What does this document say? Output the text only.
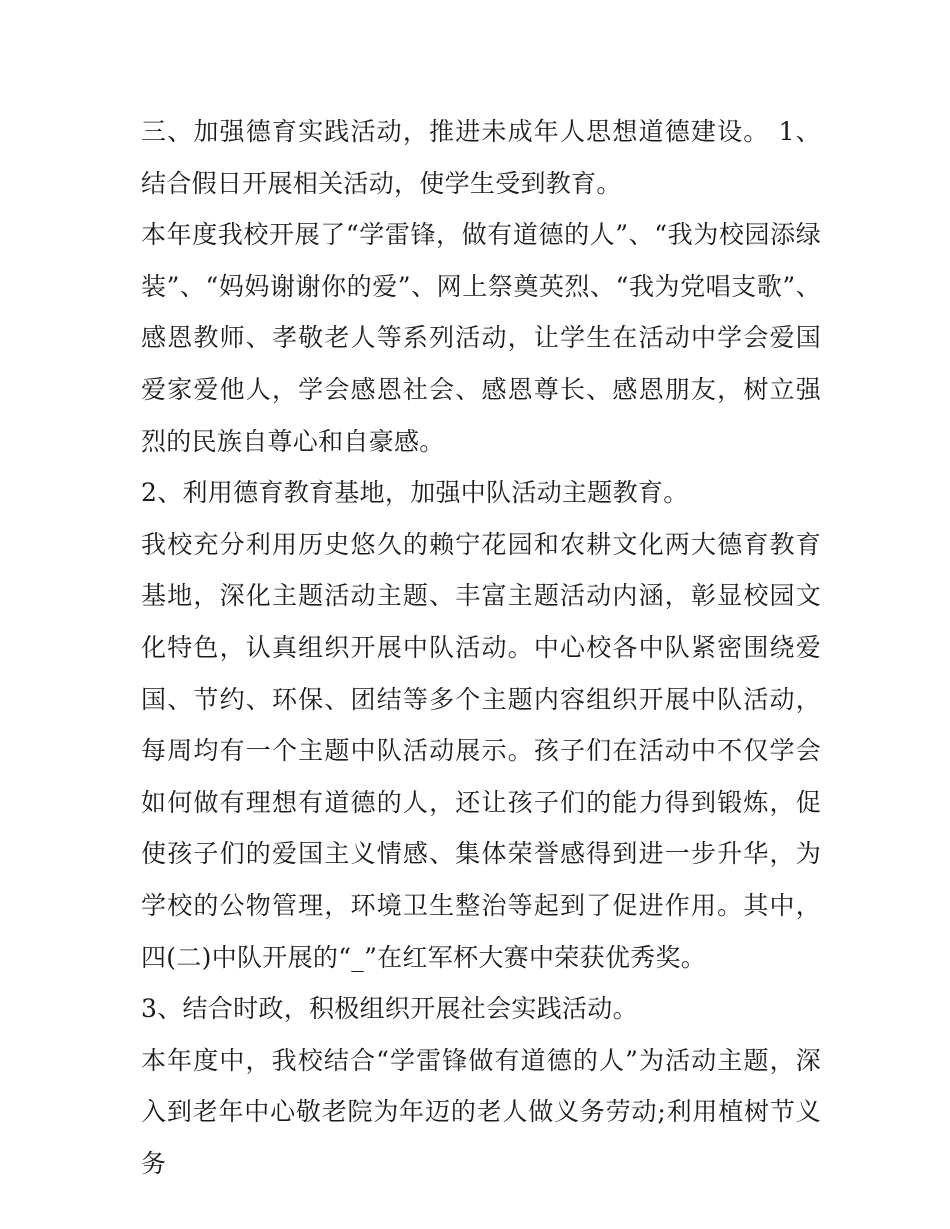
三、加强德育实践活动，推进未成年人思想道德建设。 1、结合假日开展相关活动，使学生受到教育。

本年度我校开展了“学雷锋，做有道德的人”、“我为校园添绿装”、“妈妈谢谢你的爱”、网上祭奠英烈、“我为党唱支歌”、感恩教师、孝敬老人等系列活动，让学生在活动中学会爱国爱家爱他人，学会感恩社会、感恩尊长、感恩朋友，树立强烈的民族自尊心和自豪感。

2、利用德育教育基地，加强中队活动主题教育。

我校充分利用历史悠久的赖宁花园和农耕文化两大德育教育基地，深化主题活动主题、丰富主题活动内涵，彰显校园文化特色，认真组织开展中队活动。中心校各中队紧密围绕爱国、节约、环保、团结等多个主题内容组织开展中队活动，每周均有一个主题中队活动展示。孩子们在活动中不仅学会如何做有理想有道德的人，还让孩子们的能力得到锻炼，促使孩子们的爱国主义情感、集体荣誉感得到进一步升华，为学校的公物管理，环境卫生整治等起到了促进作用。其中，四(二)中队开展的“_”在红军杯大赛中荣获优秀奖。

3、结合时政，积极组织开展社会实践活动。

本年度中，我校结合“学雷锋做有道德的人”为活动主题，深入到老年中心敬老院为年迈的老人做义务劳动;利用植树节义务
